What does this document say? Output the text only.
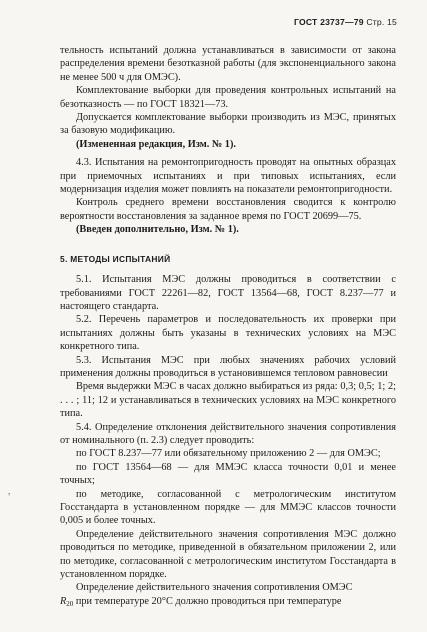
ГОСТ 23737—79 Стр. 15

тельность испытаний должна устанавливаться в зависимости от закона распределения времени безотказной работы (для экспоненциального закона не менее 500 ч для ОМЭС).

Комплектование выборки для проведения контрольных испытаний на безотказность — по ГОСТ 18321—73.

Допускается комплектование выборки производить из МЭС, принятых за базовую модификацию.

(Измененная редакция, Изм. № 1).

4.3. Испытания на ремонтопригодность проводят на опытных образцах при приемочных испытаниях и при типовых испытаниях, если модернизация изделия может повлиять на показатели ремонтопригодности.

Контроль среднего времени восстановления сводится к контролю вероятности восстановления за заданное время по ГОСТ 20699—75.

(Введен дополнительно, Изм. № 1).

5. МЕТОДЫ ИСПЫТАНИЙ

5.1. Испытания МЭС должны проводиться в соответствии с требованиями ГОСТ 22261—82, ГОСТ 13564—68, ГОСТ 8.237—77 и настоящего стандарта.

5.2. Перечень параметров и последовательность их проверки при испытаниях должны быть указаны в технических условиях на МЭС конкретного типа.

5.3. Испытания МЭС при любых значениях рабочих условий применения должны проводиться в установившемся тепловом равновесии

Время выдержки МЭС в часах должно выбираться из ряда: 0,3; 0,5; 1; 2; . . . ; 11; 12 и устанавливаться в технических условиях на МЭС конкретного типа.

5.4. Определение отклонения действительного значения сопротивления от номинального (п. 2.3) следует проводить:

по ГОСТ 8.237—77 или обязательному приложению 2 — для ОМЭС;

по ГОСТ 13564—68 — для ММЭС класса точности 0,01 и менее точных;

по методике, согласованной с метрологическим институтом Госстандарта в установленном порядке — для ММЭС классов точности 0,005 и более точных.

Определение действительного значения сопротивления МЭС должно проводиться по методике, приведенной в обязательном приложении 2, или по методике, согласованной с метрологическим институтом Госстандарта в установленном порядке.

Определение действительного значения сопротивления ОМЭС

$R_{20}$ при температуре 20°С должно проводиться при температуре

,
